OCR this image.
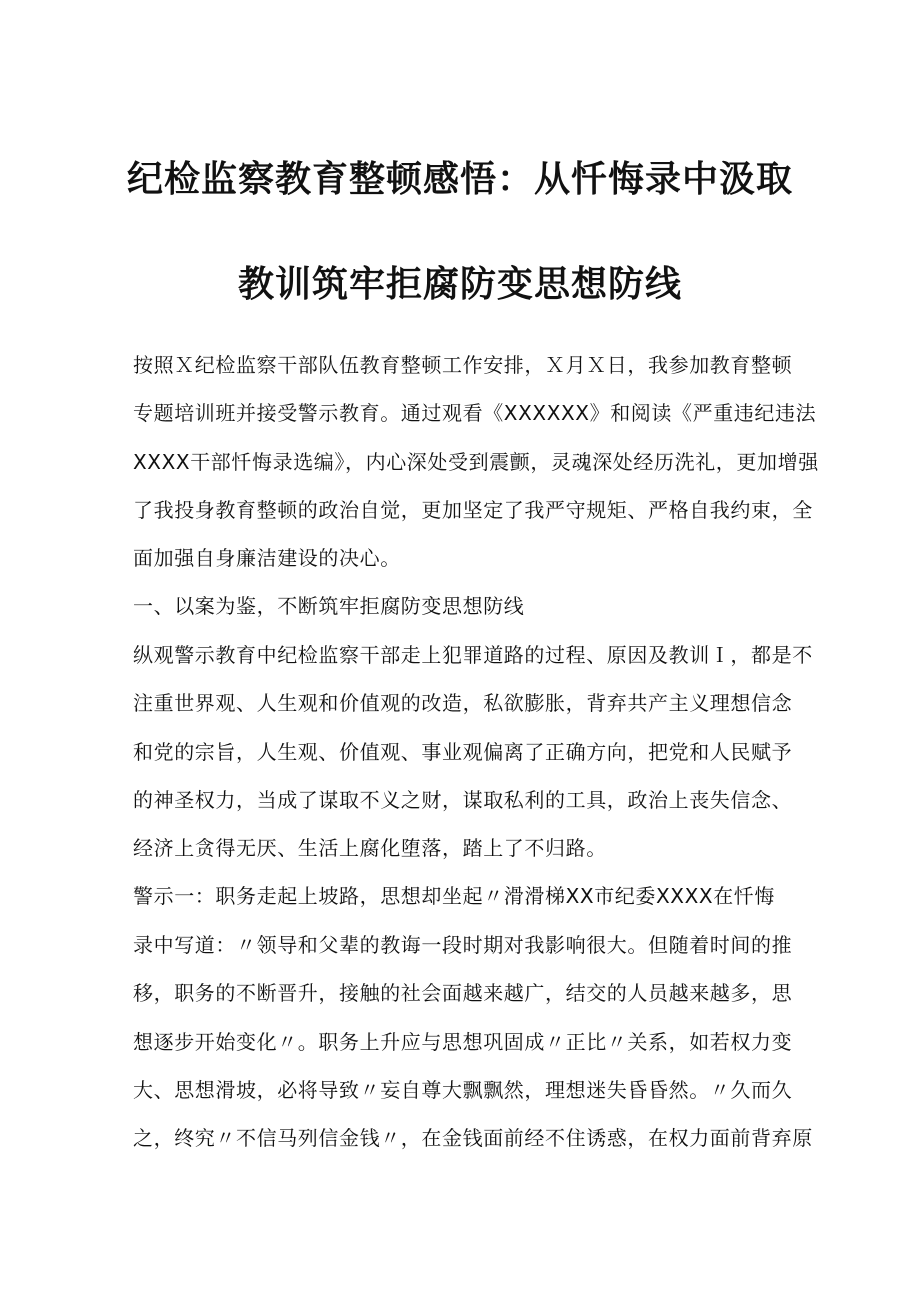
纪检监察教育整顿感悟：从忏悔录中汲取
教训筑牢拒腐防变思想防线
按照Ｘ纪检监察干部队伍教育整顿工作安排，Ｘ月Ｘ日，我参加教育整顿
专题培训班并接受警示教育。通过观看《XXXXXX》和阅读《严重违纪违法
XXXX干部忏悔录选编》，内心深处受到震颤，灵魂深处经历洗礼，更加增强
了我投身教育整顿的政治自觉，更加坚定了我严守规矩、严格自我约束，全
面加强自身廉洁建设的决心。
一、以案为鉴，不断筑牢拒腐防变思想防线
纵观警示教育中纪检监察干部走上犯罪道路的过程、原因及教训Ｉ，都是不
注重世界观、人生观和价值观的改造，私欲膨胀，背弃共产主义理想信念
和党的宗旨，人生观、价值观、事业观偏离了正确方向，把党和人民赋予
的神圣权力，当成了谋取不义之财，谋取私利的工具，政治上丧失信念、
经济上贪得无厌、生活上腐化堕落，踏上了不归路。
警示一：职务走起上坡路，思想却坐起〃滑滑梯XX市纪委XXXX在忏悔
录中写道：〃领导和父辈的教诲一段时期对我影响很大。但随着时间的推
移，职务的不断晋升，接触的社会面越来越广，结交的人员越来越多，思
想逐步开始变化〃。职务上升应与思想巩固成〃正比〃关系，如若权力变
大、思想滑坡，必将导致〃妄自尊大飘飘然，理想迷失昏昏然。〃久而久
之，终究〃不信马列信金钱〃，在金钱面前经不住诱惑，在权力面前背弃原
